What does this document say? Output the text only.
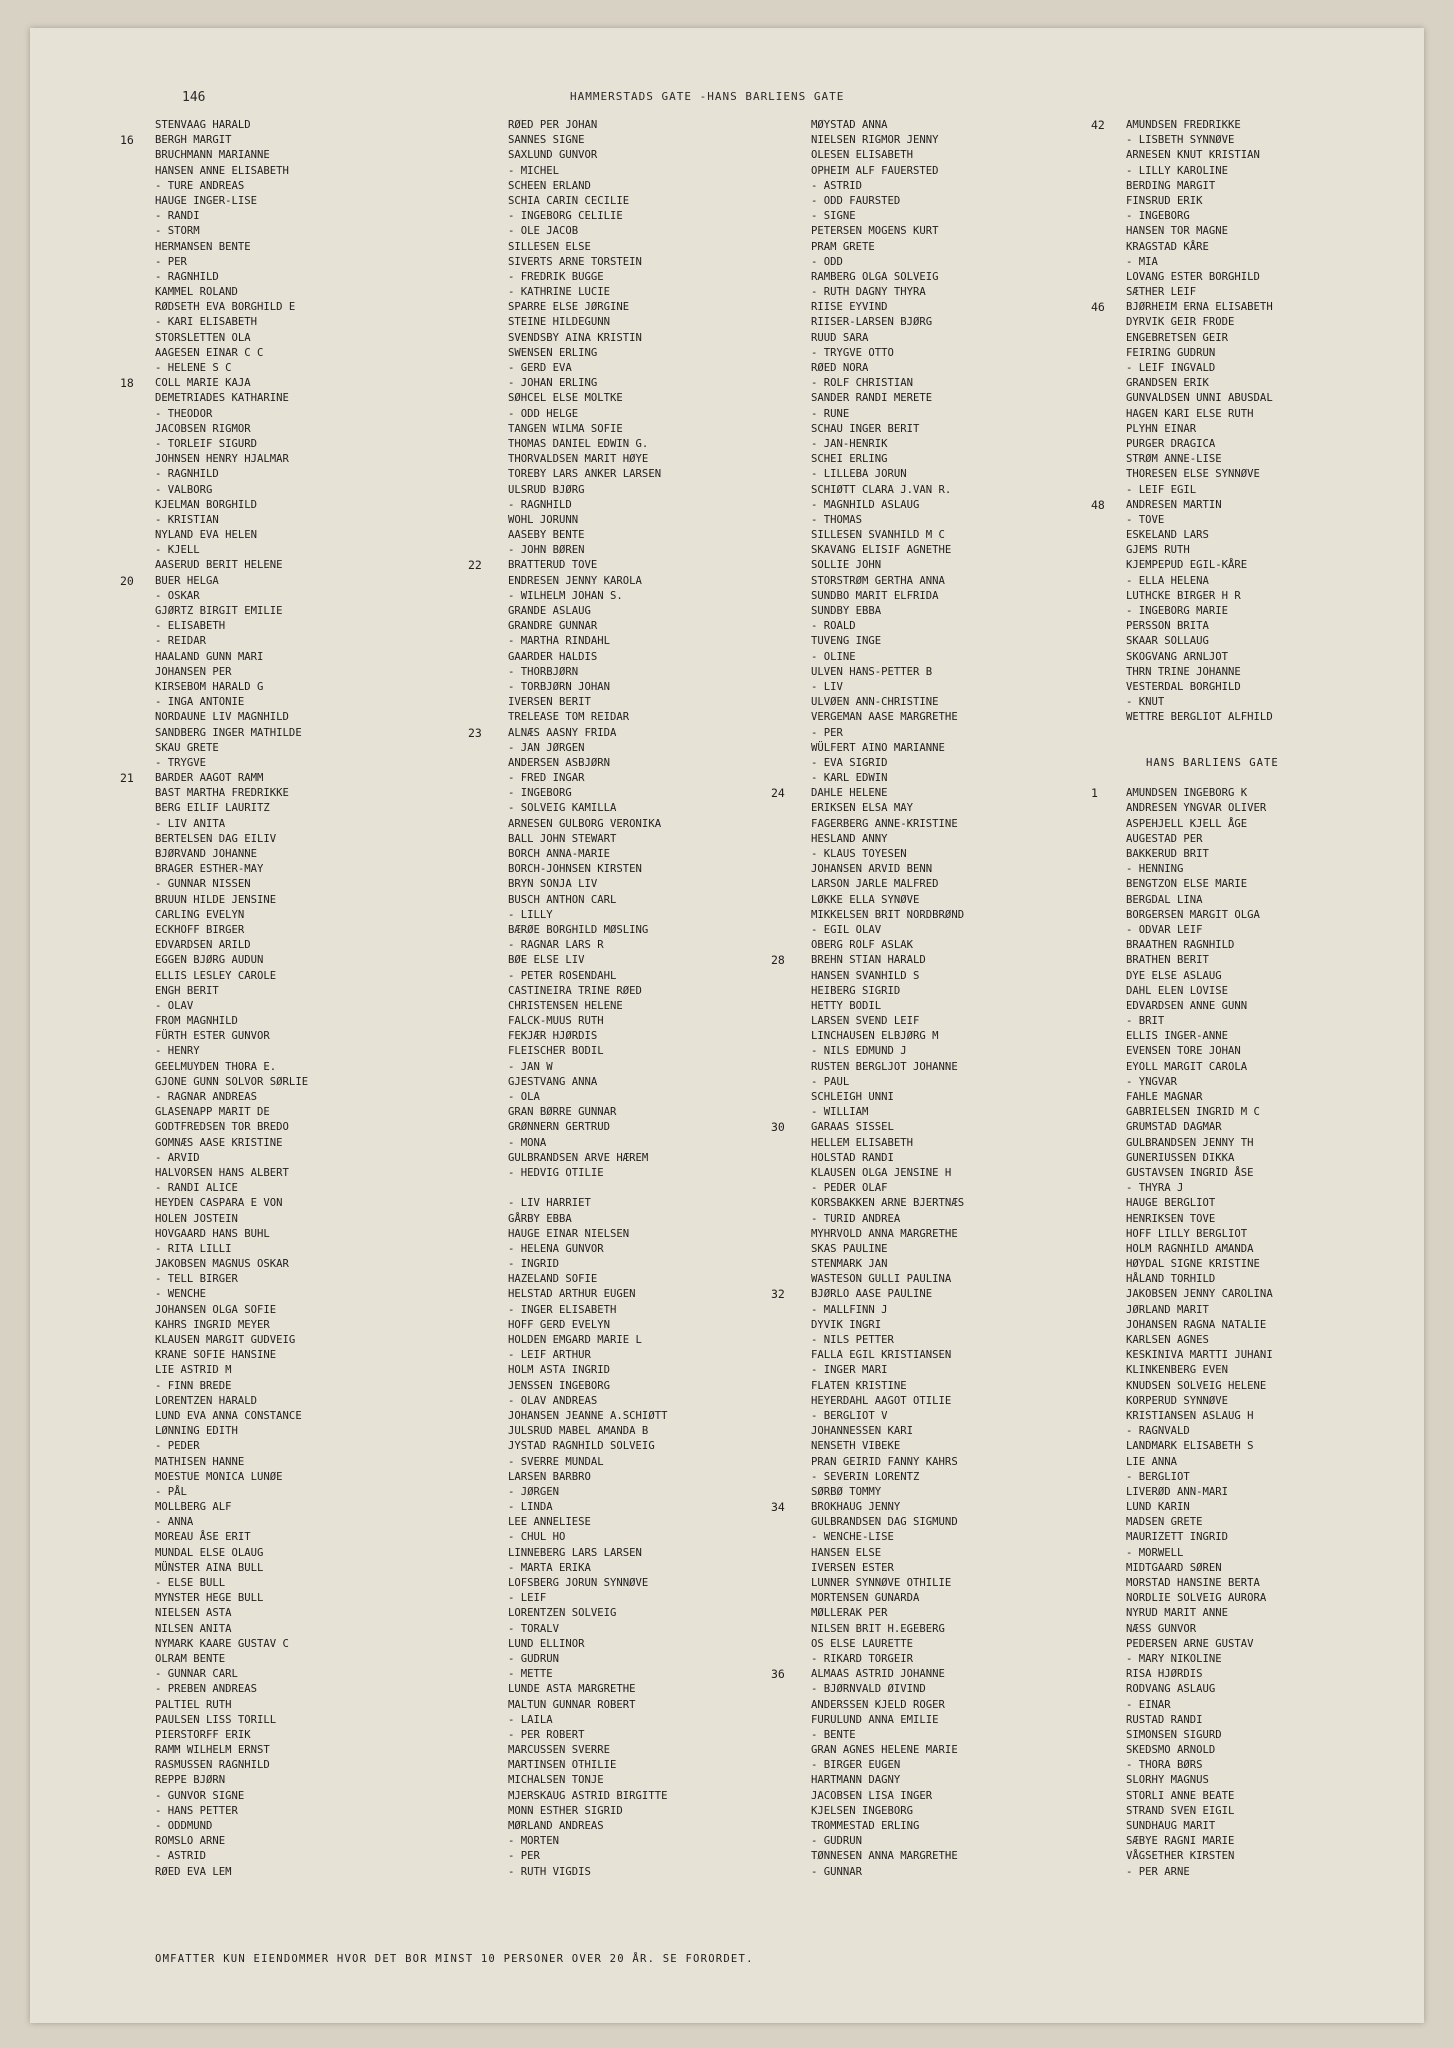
146	HAMMERSTADS GATE -HANS BARLIENS GATE
STENVAAG HARALD
16 BERGH MARGIT
BRUCHMANN MARIANNE
HANSEN ANNE ELISABETH
- TURE ANDREAS
HAUGE INGER-LISE
- RANDI
- STORM
HERMANSEN BENTE
- PER
- RAGNHILD
KAMMEL ROLAND
RØDSETH EVA BORGHILD E
- KARI ELISABETH
STORSLETTEN OLA
AAGESEN EINAR C C
- HELENE S C
18 COLL MARIE KAJA
DEMETRIADES KATHARINE
- THEODOR
JACOBSEN RIGMOR
- TORLEIF SIGURD
JOHNSEN HENRY HJALMAR
- RAGNHILD
- VALBORG
KJELMAN BORGHILD
- KRISTIAN
NYLAND EVA HELEN
- KJELL
AASERUD BERIT HELENE
20 BUER HELGA
- OSKAR
GJØRTZ BIRGIT EMILIE
- ELISABETH
- REIDAR
HAALAND GUNN MARI
JOHANSEN PER
KIRSEBOM HARALD G
- INGA ANTONIE
NORDAUNE LIV MAGNHILD
SANDBERG INGER MATHILDE
SKAU GRETE
- TRYGVE
21 BARDER AAGOT RAMM
BAST MARTHA FREDRIKKE
BERG EILIF LAURITZ
- LIV ANITA
BERTELSEN DAG EILIV
BJØRVAND JOHANNE
BRAGER ESTHER-MAY
- GUNNAR NISSEN
BRUUN HILDE JENSINE
CARLING EVELYN
ECKHOFF BIRGER
EDVARDSEN ARILD
EGGEN BJØRG AUDUN
ELLIS LESLEY CAROLE
ENGH BERIT
- OLAV
FROM MAGNHILD
FÜRTH ESTER GUNVOR
- HENRY
GEELMUYDEN THORA E.
GJONE GUNN SOLVOR SØRLIE
- RAGNAR ANDREAS
GLASENAPP MARIT DE
GODTFREDSEN TOR BREDO
GOMNÆS AASE KRISTINE
- ARVID
HALVORSEN HANS ALBERT
- RANDI ALICE
HEYDEN CASPARA E VON
HOLEN JOSTEIN
HOVGAARD HANS BUHL
- RITA LILLI
JAKOBSEN MAGNUS OSKAR
- TELL BIRGER
- WENCHE
JOHANSEN OLGA SOFIE
KAHRS INGRID MEYER
KLAUSEN MARGIT GUDVEIG
KRANE SOFIE HANSINE
LIE ASTRID M
- FINN BREDE
LORENTZEN HARALD
LUND EVA ANNA CONSTANCE
LØNNING EDITH
- PEDER
MATHISEN HANNE
MOESTUE MONICA LUNØE
- PÅL
MOLLBERG ALF
- ANNA
MOREAU ÅSE ERIT
MUNDAL ELSE OLAUG
MÜNSTER AINA BULL
- ELSE BULL
MYNSTER HEGE BULL
NIELSEN ASTA
NILSEN ANITA
NYMARK KAARE GUSTAV C
OLRAM BENTE
- GUNNAR CARL
- PREBEN ANDREAS
PALTIEL RUTH
PAULSEN LISS TORILL
PIERSTORFF ERIK
RAMM WILHELM ERNST
RASMUSSEN RAGNHILD
REPPE BJØRN
- GUNVOR SIGNE
- HANS PETTER
- ODDMUND
ROMSLO ARNE
- ASTRID
RØED EVA LEM
RØED PER JOHAN
SANNES SIGNE
SAXLUND GUNVOR
- MICHEL
SCHEEN ERLAND
SCHIA CARIN CECILIE
- INGEBORG CELILIE
- OLE JACOB
SILLESEN ELSE
SIVERTS ARNE TORSTEIN
- FREDRIK BUGGE
- KATHRINE LUCIE
SPARRE ELSE JØRGINE
STEINE HILDEGUNN
SVENDSBY AINA KRISTIN
SWENSEN ERLING
- GERD EVA
- JOHAN ERLING
SØHCEL ELSE MOLTKE
- ODD HELGE
TANGEN WILMA SOFIE
THOMAS DANIEL EDWIN G.
THORVALDSEN MARIT HØYE
TOREBY LARS ANKER LARSEN
ULSRUD BJØRG
- RAGNHILD
WOHL JORUNN
AASEBY BENTE
- JOHN BØREN
22 BRATTERUD TOVE
ENDRESEN JENNY KAROLA
- WILHELM JOHAN S.
GRANDE ASLAUG
GRANDRE GUNNAR
- MARTHA RINDAHL
GAARDER HALDIS
- THORBJØRN
- TORBJØRN JOHAN
IVERSEN BERIT
TRELEASE TOM REIDAR
23 ALNÆS AASNY FRIDA
- JAN JØRGEN
ANDERSEN ASBJØRN
- FRED INGAR
- INGEBORG
- SOLVEIG KAMILLA
ARNESEN GULBORG VERONIKA
BALL JOHN STEWART
BORCH ANNA-MARIE
BORCH-JOHNSEN KIRSTEN
BRYN SONJA LIV
BUSCH ANTHON CARL
- LILLY
BÆRØE BORGHILD MØSLING
- RAGNAR LARS R
BØE ELSE LIV
- PETER ROSENDAHL
CASTINEIRA TRINE RØED
CHRISTENSEN HELENE
FALCK-MUUS RUTH
FEKJÆR HJØRDIS
FLEISCHER BODIL
- JAN W
GJESTVANG ANNA
- OLA
GRAN BØRRE GUNNAR
GRØNNERN GERTRUD
- MONA
GULBRANDSEN ARVE HÆREM
- HEDVIG OTILIE
- LIV HARRIET
GÅRBY EBBA
HAUGE EINAR NIELSEN
- HELENA GUNVOR
- INGRID
HAZELAND SOFIE
HELSTAD ARTHUR EUGEN
- INGER ELISABETH
HOFF GERD EVELYN
HOLDEN EMGARD MARIE L
- LEIF ARTHUR
HOLM ASTA INGRID
JENSSEN INGEBORG
- OLAV ANDREAS
JOHANSEN JEANNE A.SCHIØTT
JULSRUD MABEL AMANDA B
JYSTAD RAGNHILD SOLVEIG
- SVERRE MUNDAL
LARSEN BARBRO
- JØRGEN
- LINDA
LEE ANNELIESE
- CHUL HO
LINNEBERG LARS LARSEN
- MARTA ERIKA
LOFSBERG JORUN SYNNØVE
- LEIF
LORENTZEN SOLVEIG
- TORALV
LUND ELLINOR
- GUDRUN
- METTE
LUNDE ASTA MARGRETHE
MALTUN GUNNAR ROBERT
- LAILA
- PER ROBERT
MARCUSSEN SVERRE
MARTINSEN OTHILIE
MICHALSEN TONJE
MJERSKAUG ASTRID BIRGITTE
MONN ESTHER SIGRID
MØRLAND ANDREAS
- MORTEN
- PER
- RUTH VIGDIS
MØYSTAD ANNA
NIELSEN RIGMOR JENNY
OLESEN ELISABETH
OPHEIM ALF FAUERSTED
- ASTRID
- ODD FAURSTED
- SIGNE
PETERSEN MOGENS KURT
PRAM GRETE
- ODD
RAMBERG OLGA SOLVEIG
- RUTH DAGNY THYRA
RIISE EYVIND
RIISER-LARSEN BJØRG
RUUD SARA
- TRYGVE OTTO
RØED NORA
- ROLF CHRISTIAN
SANDER RANDI MERETE
- RUNE
SCHAU INGER BERIT
- JAN-HENRIK
SCHEI ERLING
- LILLEBA JORUN
SCHIØTT CLARA J.VAN R.
- MAGNHILD ASLAUG
- THOMAS
SILLESEN SVANHILD M C
SKAVANG ELISIF AGNETHE
SOLLIE JOHN
STORSTRØM GERTHA ANNA
SUNDBO MARIT ELFRIDA
SUNDBY EBBA
- ROALD
TUVENG INGE
- OLINE
ULVEN HANS-PETTER B
- LIV
ULVØEN ANN-CHRISTINE
VERGEMAN AASE MARGRETHE
- PER
WÜLFERT AINO MARIANNE
- EVA SIGRID
- KARL EDWIN
24 DAHLE HELENE
ERIKSEN ELSA MAY
FAGERBERG ANNE-KRISTINE
HESLAND ANNY
- KLAUS TOYESEN
JOHANSEN ARVID BENN
LARSON JARLE MALFRED
LØKKE ELLA SYNØVE
MIKKELSEN BRIT NORDBRØND
- EGIL OLAV
OBERG ROLF ASLAK
28 BREHN STIAN HARALD
HANSEN SVANHILD S
HEIBERG SIGRID
HETTY BODIL
LARSEN SVEND LEIF
LINCHAUSEN ELBJØRG M
- NILS EDMUND J
RUSTEN BERGLJOT JOHANNE
- PAUL
SCHLEIGH UNNI
- WILLIAM
30 GARAAS SISSEL
HELLEM ELISABETH
HOLSTAD RANDI
KLAUSEN OLGA JENSINE H
- PEDER OLAF
KORSBAKKEN ARNE BJERTNÆS
- TURID ANDREA
MYHRVOLD ANNA MARGRETHE
SKAS PAULINE
STENMARK JAN
WASTESON GULLI PAULINA
32 BJØRLO AASE PAULINE
- MALLFINN J
DYVIK INGRI
- NILS PETTER
FALLA EGIL KRISTIANSEN
- INGER MARI
FLATEN KRISTINE
HEYERDAHL AAGOT OTILIE
- BERGLIOT V
JOHANNESSEN KARI
NENSETH VIBEKE
PRAN GEIRID FANNY KAHRS
- SEVERIN LORENTZ
SØRBØ TOMMY
34 BROKHAUG JENNY
GULBRANDSEN DAG SIGMUND
- WENCHE-LISE
HANSEN ELSE
IVERSEN ESTER
LUNNER SYNNØVE OTHILIE
MORTENSEN GUNARDA
MØLLERAK PER
NILSEN BRIT H.EGEBERG
OS ELSE LAURETTE
- RIKARD TORGEIR
36 ALMAAS ASTRID JOHANNE
- BJØRNVALD ØIVIND
ANDERSSEN KJELD ROGER
FURULUND ANNA EMILIE
- BENTE
GRAN AGNES HELENE MARIE
- BIRGER EUGEN
HARTMANN DAGNY
JACOBSEN LISA INGER
KJELSEN INGEBORG
TROMMESTAD ERLING
- GUDRUN
TØNNESEN ANNA MARGRETHE
- GUNNAR
42 AMUNDSEN FREDRIKKE
- LISBETH SYNNØVE
ARNESEN KNUT KRISTIAN
- LILLY KAROLINE
BERDING MARGIT
FINSRUD ERIK
- INGEBORG
HANSEN TOR MAGNE
KRAGSTAD KÅRE
- MIA
LOVANG ESTER BORGHILD
SÆTHER LEIF
46 BJØRHEIM ERNA ELISABETH
DYRVIK GEIR FRODE
ENGEBRETSEN GEIR
FEIRING GUDRUN
- LEIF INGVALD
GRANDSEN ERIK
GUNVALDSEN UNNI ABUSDAL
HAGEN KARI ELSE RUTH
PLYHN EINAR
PURGER DRAGICA
STRØM ANNE-LISE
THORESEN ELSE SYNNØVE
- LEIF EGIL
48 ANDRESEN MARTIN
- TOVE
ESKELAND LARS
GJEMS RUTH
KJEMPEPUD EGIL-KÅRE
- ELLA HELENA
LUTHCKE BIRGER H R
- INGEBORG MARIE
PERSSON BRITA
SKAAR SOLLAUG
SKOGVANG ARNLJOT
THRN TRINE JOHANNE
VESTERDAL BORGHILD
- KNUT
WETTRE BERGLIOT ALFHILD
HANS BARLIENS GATE
1	AMUNDSEN INGEBORG K
ANDRESEN YNGVAR OLIVER
ASPEHJELL KJELL ÅGE
AUGESTAD PER
BAKKERUD BRIT
- HENNING
BENGTZON ELSE MARIE
BERGDAL LINA
BORGERSEN MARGIT OLGA
- ODVAR LEIF
BRAATHEN RAGNHILD
BRATHEN BERIT
DYE ELSE ASLAUG
DAHL ELEN LOVISE
EDVARDSEN ANNE GUNN
- BRIT
ELLIS INGER-ANNE
EVENSEN TORE JOHAN
EYOLL MARGIT CAROLA
- YNGVAR
FAHLE MAGNAR
GABRIELSEN INGRID M C
GRUMSTAD DAGMAR
GULBRANDSEN JENNY TH
GUNERIUSSEN DIKKA
GUSTAVSEN INGRID ÅSE
- THYRA J
HAUGE BERGLIOT
HENRIKSEN TOVE
HOFF LILLY BERGLIOT
HOLM RAGNHILD AMANDA
HØYDAL SIGNE KRISTINE
HÅLAND TORHILD
JAKOBSEN JENNY CAROLINA
JØRLAND MARIT
JOHANSEN RAGNA NATALIE
KARLSEN AGNES
KESKINIVA MARTTI JUHANI
KLINKENBERG EVEN
KNUDSEN SOLVEIG HELENE
KORPERUD SYNNØVE
KRISTIANSEN ASLAUG H
- RAGNVALD
LANDMARK ELISABETH S
LIE ANNA
- BERGLIOT
LIVERØD ANN-MARI
LUND KARIN
MADSEN GRETE
MAURIZETT INGRID
- MORWELL
MIDTGAARD SØREN
MORSTAD HANSINE BERTA
NORDLIE SOLVEIG AURORA
NYRUD MARIT ANNE
NÆSS GUNVOR
PEDERSEN ARNE GUSTAV
- MARY NIKOLINE
RISA HJØRDIS
RODVANG ASLAUG
- EINAR
RUSTAD RANDI
SIMONSEN SIGURD
SKEDSMO ARNOLD
- THORA BØRS
SLORHY MAGNUS
STORLI ANNE BEATE
STRAND SVEN EIGIL
SUNDHAUG MARIT
SÆBYE RAGNI MARIE
VÅGSETHER KIRSTEN
- PER ARNE
OMFATTER KUN EIENDOMMER HVOR DET BOR MINST 10 PERSONER OVER 20 ÅR. SE FORORDET.
